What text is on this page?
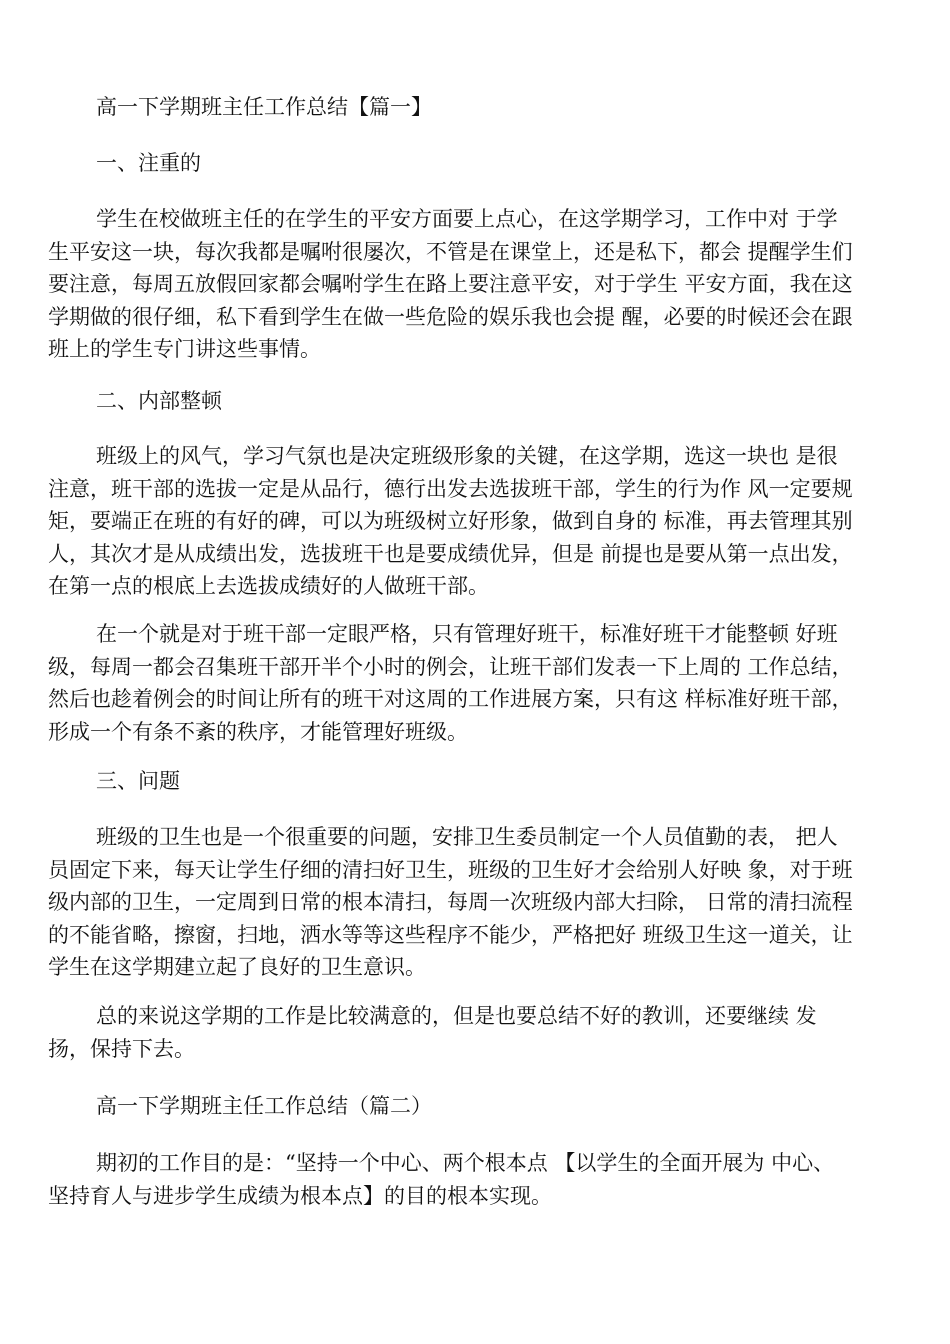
高一下学期班主任工作总结【篇一】
一、注重的
学生在校做班主任的在学生的平安方面要上点心，在这学期学习，工作中对 于学
生平安这一块，每次我都是嘱咐很屡次，不管是在课堂上，还是私下，都会 提醒学生们
要注意，每周五放假回家都会嘱咐学生在路上要注意平安，对于学生 平安方面，我在这
学期做的很仔细，私下看到学生在做一些危险的娱乐我也会提 醒，必要的时候还会在跟
班上的学生专门讲这些事情。
二、内部整顿
班级上的风气，学习气氛也是决定班级形象的关键，在这学期，选这一块也 是很
注意，班干部的选拔一定是从品行，德行出发去选拔班干部，学生的行为作 风一定要规
矩，要端正在班的有好的碑，可以为班级树立好形象，做到自身的 标准，再去管理其别
人，其次才是从成绩出发，选拔班干也是要成绩优异，但是 前提也是要从第一点出发，
在第一点的根底上去选拔成绩好的人做班干部。
在一个就是对于班干部一定眼严格，只有管理好班干，标准好班干才能整顿 好班
级，每周一都会召集班干部开半个小时的例会，让班干部们发表一下上周的 工作总结，
然后也趁着例会的时间让所有的班干对这周的工作进展方案，只有这 样标准好班干部，
形成一个有条不紊的秩序，才能管理好班级。
三、问题
班级的卫生也是一个很重要的问题，安排卫生委员制定一个人员值勤的表， 把人
员固定下来，每天让学生仔细的清扫好卫生，班级的卫生好才会给别人好映 象，对于班
级内部的卫生，一定周到日常的根本清扫，每周一次班级内部大扫除， 日常的清扫流程
的不能省略，擦窗，扫地，洒水等等这些程序不能少，严格把好 班级卫生这一道关，让
学生在这学期建立起了良好的卫生意识。
总的来说这学期的工作是比较满意的，但是也要总结不好的教训，还要继续 发
扬，保持下去。
高一下学期班主任工作总结（篇二）
期初的工作目的是：“坚持一个中心、两个根本点 【以学生的全面开展为 中心、
坚持育人与进步学生成绩为根本点】的目的根本实现。
